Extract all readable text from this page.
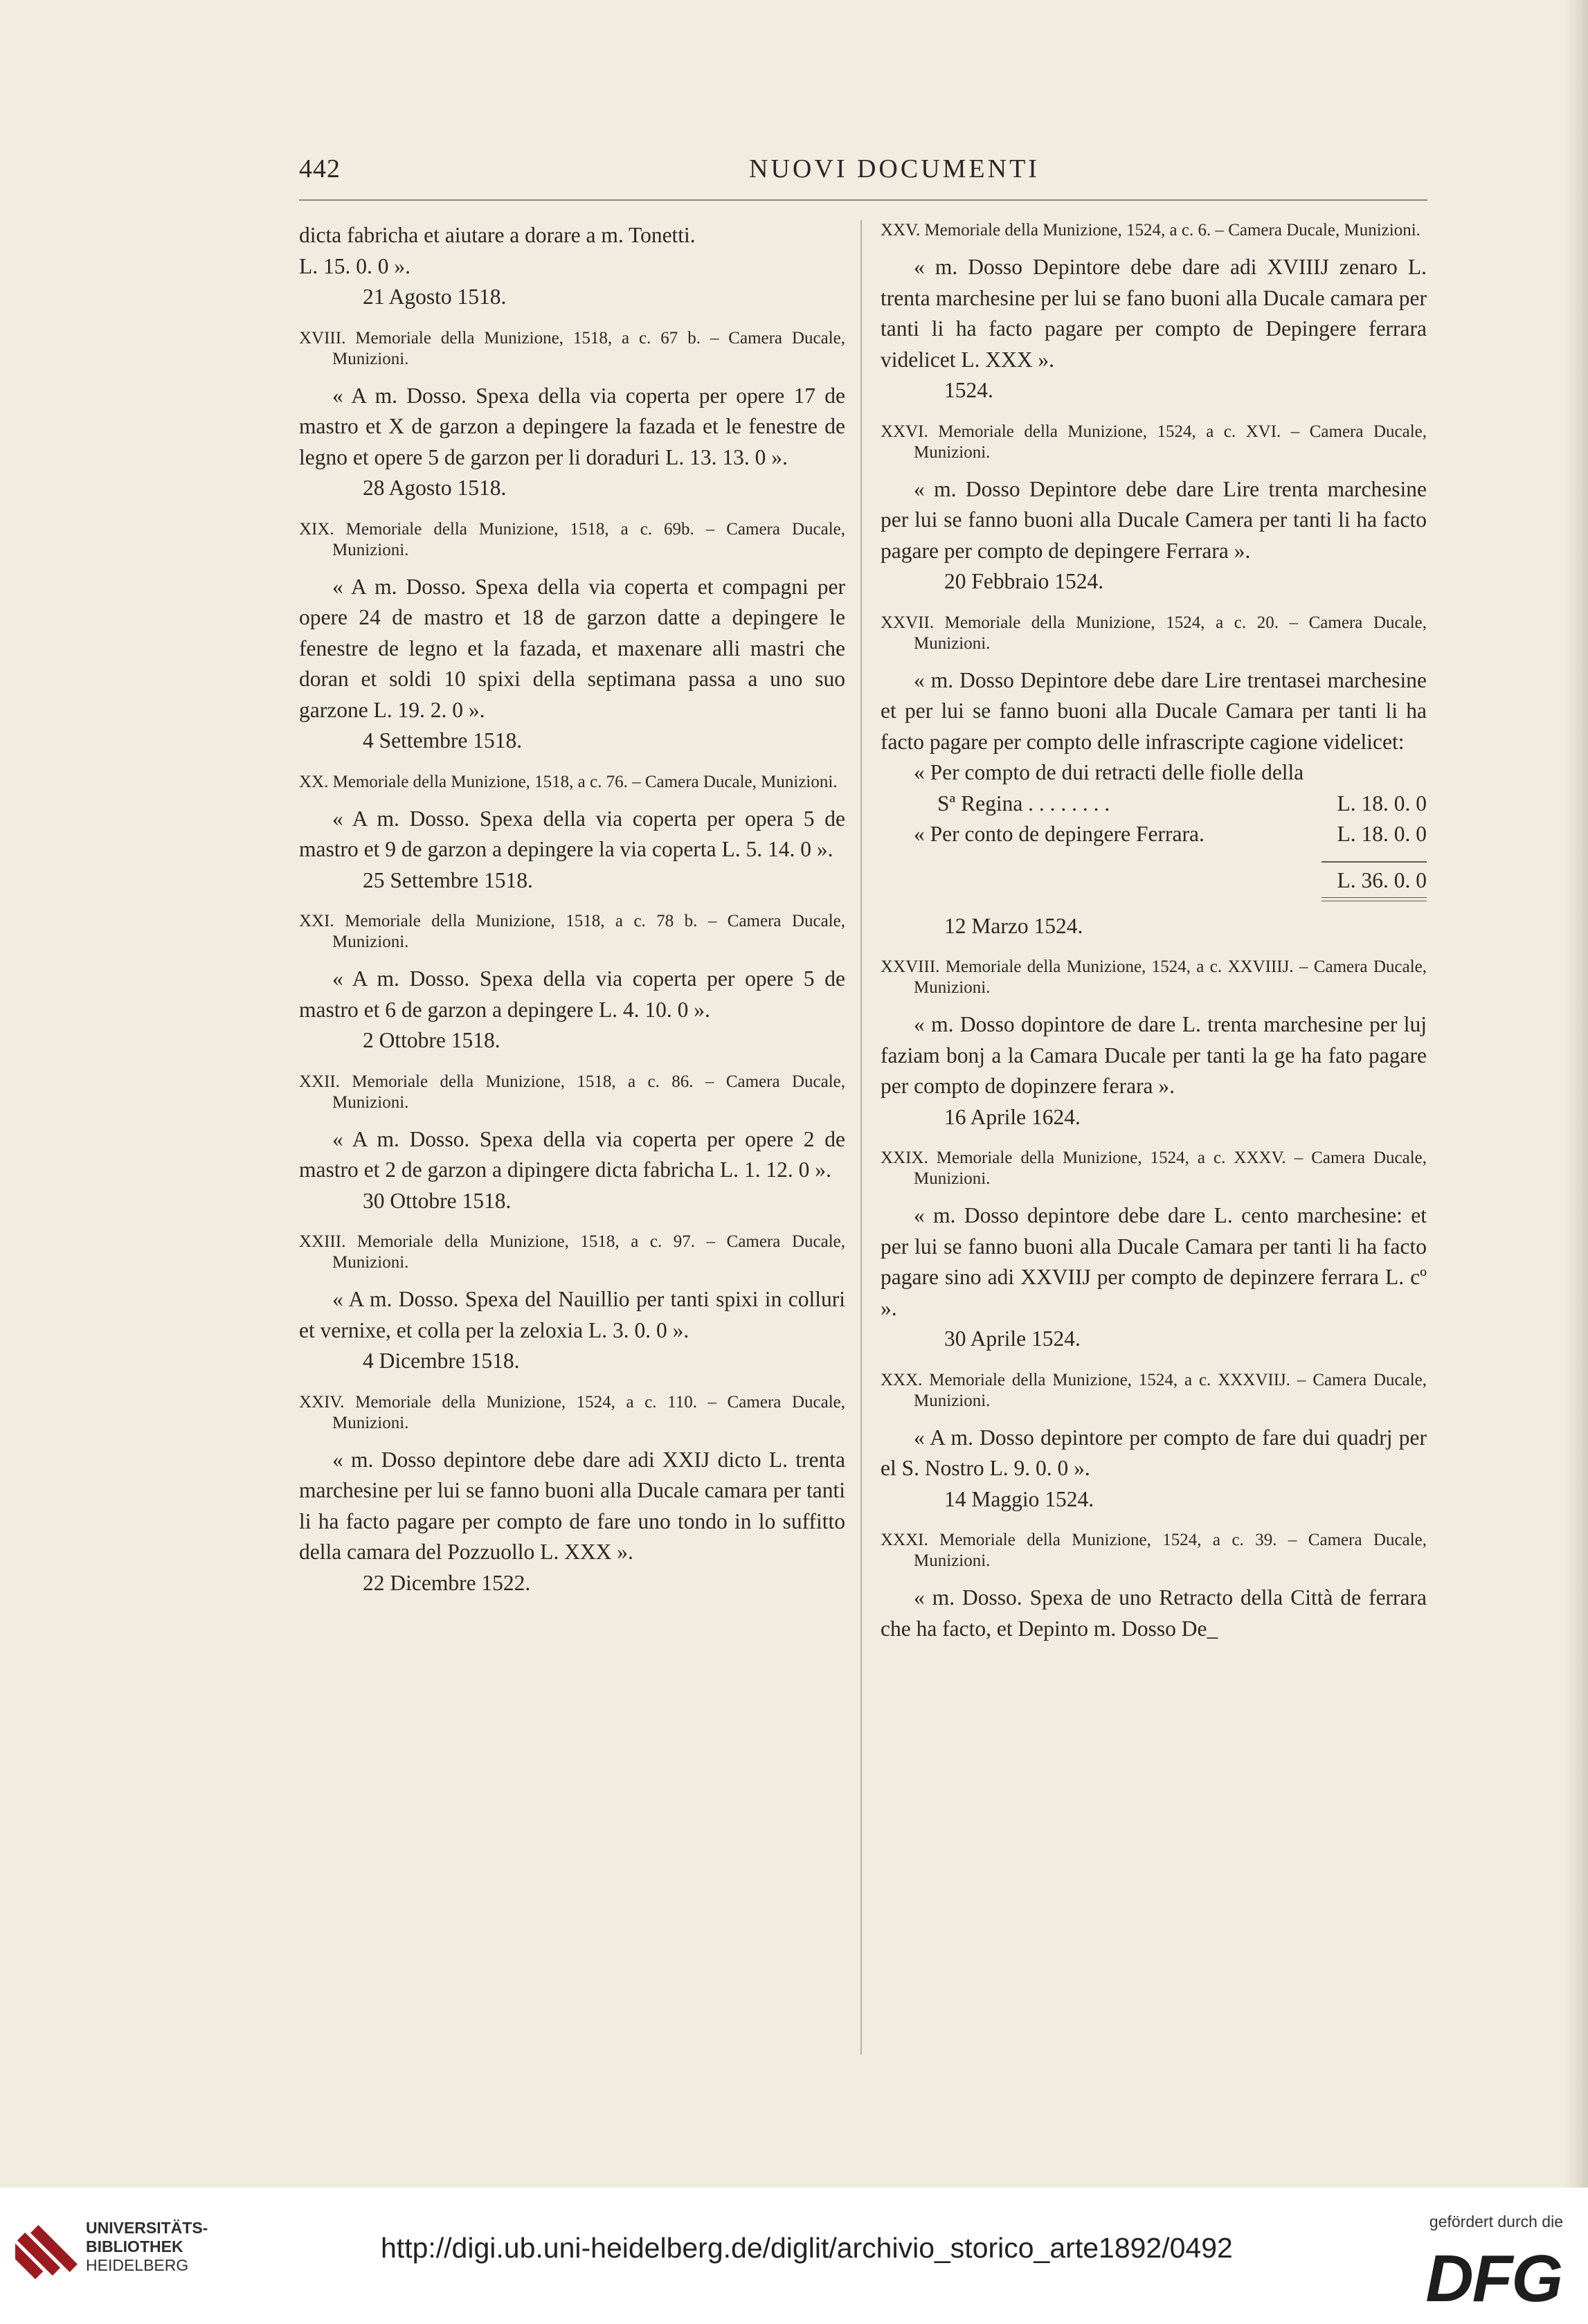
442	NUOVI DOCUMENTI

dicta fabricha et aiutare a dorare a m. Tonetti.

L. 15. 0. 0 ».

21 Agosto 1518.

XVIII. Memoriale della Munizione, 1518, a c. 67 b. – Camera Ducale, Munizioni.

« A m. Dosso. Spexa della via coperta per opere 17 de mastro et X de garzon a depingere la fazada et le fenestre de legno et opere 5 de garzon per li doraduri L. 13. 13. 0 ».

28 Agosto 1518.

XIX. Memoriale della Munizione, 1518, a c. 69b. – Camera Ducale, Munizioni.

« A m. Dosso. Spexa della via coperta et compagni per opere 24 de mastro et 18 de garzon datte a depingere le fenestre de legno et la fazada, et maxenare alli mastri che doran et soldi 10 spixi della septimana passa a uno suo garzone L. 19. 2. 0 ».

4 Settembre 1518.

XX. Memoriale della Munizione, 1518, a c. 76. – Camera Ducale, Munizioni.

« A m. Dosso. Spexa della via coperta per opera 5 de mastro et 9 de garzon a depingere la via coperta L. 5. 14. 0 ».

25 Settembre 1518.

XXI. Memoriale della Munizione, 1518, a c. 78 b. – Camera Ducale, Munizioni.

« A m. Dosso. Spexa della via coperta per opere 5 de mastro et 6 de garzon a depingere L. 4. 10. 0 ».

2 Ottobre 1518.

XXII. Memoriale della Munizione, 1518, a c. 86. – Camera Ducale, Munizioni.

« A m. Dosso. Spexa della via coperta per opere 2 de mastro et 2 de garzon a dipingere dicta fabricha L. 1. 12. 0 ».

30 Ottobre 1518.

XXIII. Memoriale della Munizione, 1518, a c. 97. – Camera Ducale, Munizioni.

« A m. Dosso. Spexa del Nauillio per tanti spixi in colluri et vernixe, et colla per la zeloxia L. 3. 0. 0 ».

4 Dicembre 1518.

XXIV. Memoriale della Munizione, 1524, a c. 110. – Camera Ducale, Munizioni.

« m. Dosso depintore debe dare adi XXIJ dicto L. trenta marchesine per lui se fanno buoni alla Ducale camara per tanti li ha facto pagare per compto de fare uno tondo in lo suffitto della camara del Pozzuollo L. XXX ».

22 Dicembre 1522.

XXV. Memoriale della Munizione, 1524, a c. 6. – Camera Ducale, Munizioni.

« m. Dosso Depintore debe dare adi XVIIIJ zenaro L. trenta marchesine per lui se fano buoni alla Ducale camara per tanti li ha facto pagare per compto de Depingere ferrara videlicet L. XXX ».

1524.

XXVI. Memoriale della Munizione, 1524, a c. XVI. – Camera Ducale, Munizioni.

« m. Dosso Depintore debe dare Lire trenta marchesine per lui se fanno buoni alla Ducale Camera per tanti li ha facto pagare per compto de depingere Ferrara ».

20 Febbraio 1524.

XXVII. Memoriale della Munizione, 1524, a c. 20. – Camera Ducale, Munizioni.

« m. Dosso Depintore debe dare Lire trentasei marchesine et per lui se fanno buoni alla Ducale Camara per tanti li ha facto pagare per compto delle infrascripte cagione videlicet:

« Per compto de dui retracti delle fiolle della
Sª Regina . . . . . . . .	L. 18. 0. 0
« Per conto de depingere Ferrara.	L. 18. 0. 0
L. 36. 0. 0

12 Marzo 1524.

XXVIII. Memoriale della Munizione, 1524, a c. XXVIIIJ. – Camera Ducale, Munizioni.

« m. Dosso dopintore de dare L. trenta marchesine per luj faziam bonj a la Camara Ducale per tanti la ge ha fato pagare per compto de dopinzere ferara ».

16 Aprile 1624.

XXIX. Memoriale della Munizione, 1524, a c. XXXV. – Camera Ducale, Munizioni.

« m. Dosso depintore debe dare L. cento marchesine: et per lui se fanno buoni alla Ducale Camara per tanti li ha facto pagare sino adi XXVIIJ per compto de depinzere ferrara L. cº ».

30 Aprile 1524.

XXX. Memoriale della Munizione, 1524, a c. XXXVIIJ. – Camera Ducale, Munizioni.

« A m. Dosso depintore per compto de fare dui quadrj per el S. Nostro L. 9. 0. 0 ».

14 Maggio 1524.

XXXI. Memoriale della Munizione, 1524, a c. 39. – Camera Ducale, Munizioni.

« m. Dosso. Spexa de uno Retracto della Città de ferrara che ha facto, et Depinto m. Dosso De_

UNIVERSITÄTS-
BIBLIOTHEK
HEIDELBERG
http://digi.ub.uni-heidelberg.de/diglit/archivio_storico_arte1892/0492
gefördert durch die
DFG
